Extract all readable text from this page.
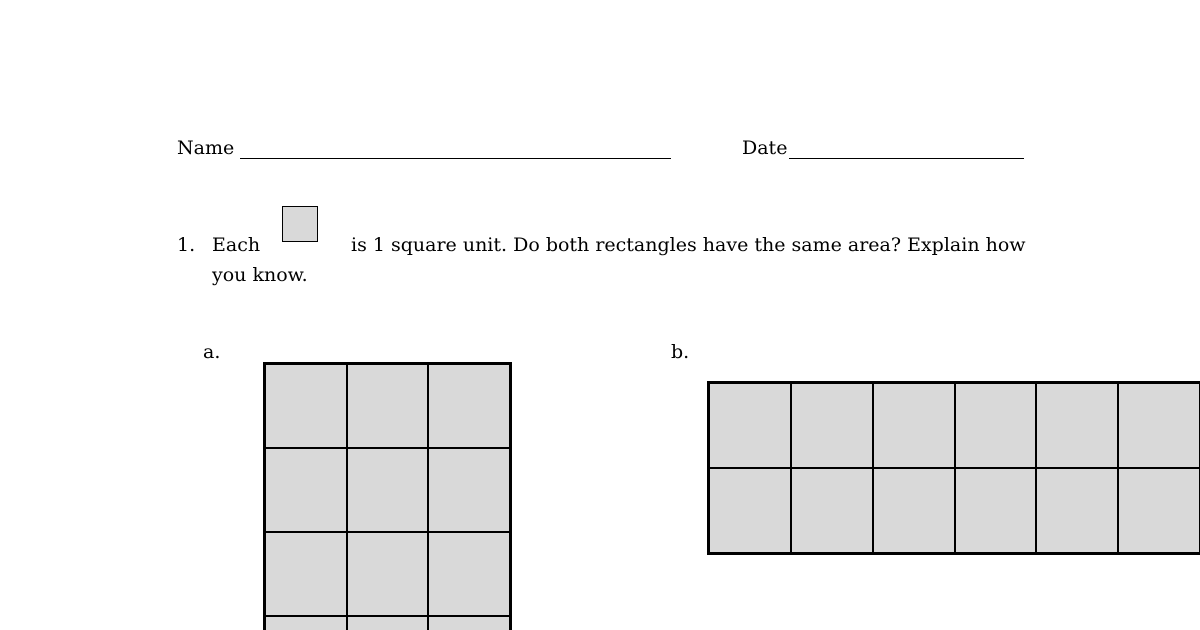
Name	Date
1. Each	is 1 square unit. Do both rectangles have the same area? Explain how
you know.
a.	b.
